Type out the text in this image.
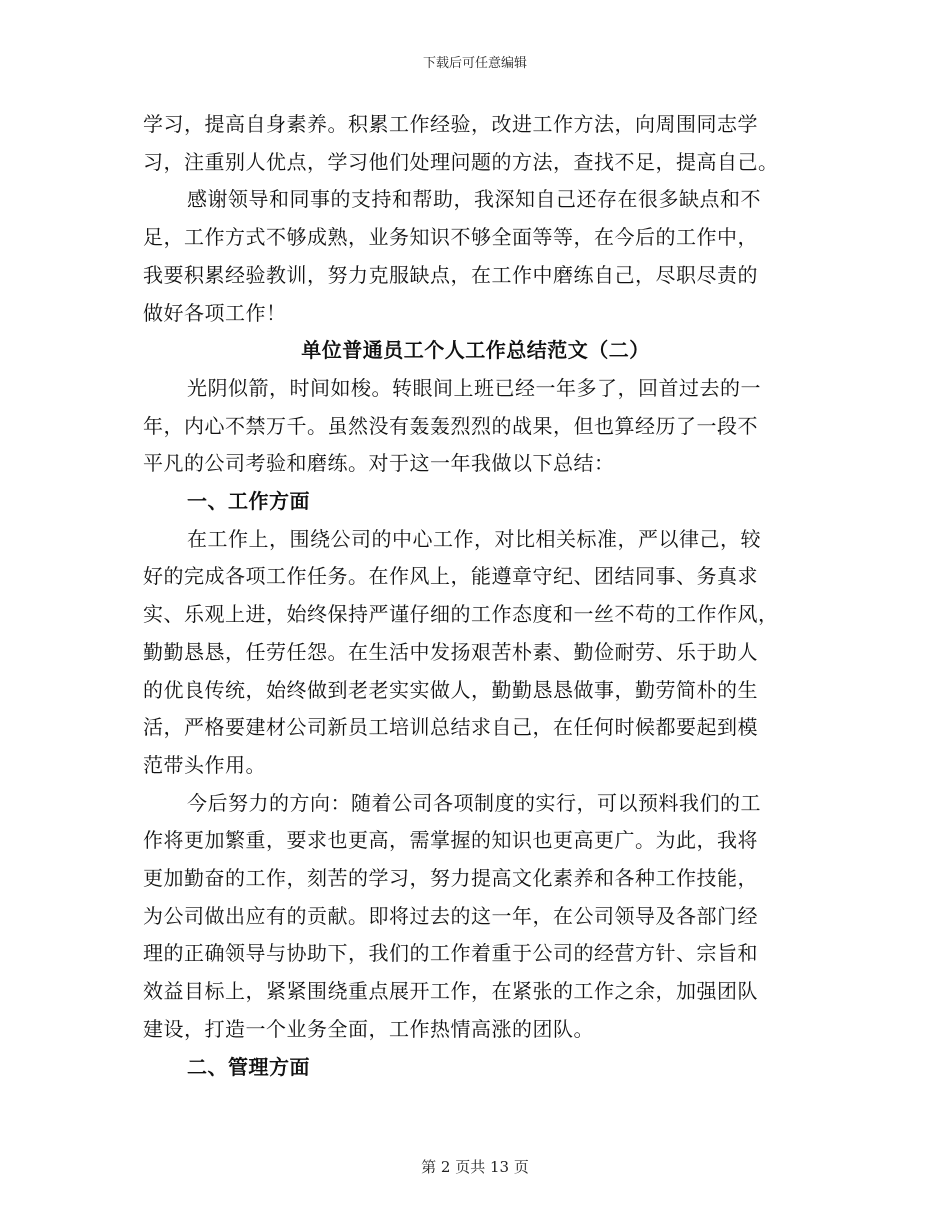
下载后可任意编辑

学习，提高自身素养。积累工作经验，改进工作方法，向周围同志学

习，注重别人优点，学习他们处理问题的方法，查找不足，提高自己。

感谢领导和同事的支持和帮助，我深知自己还存在很多缺点和不

足，工作方式不够成熟，业务知识不够全面等等，在今后的工作中，

我要积累经验教训，努力克服缺点，在工作中磨练自己，尽职尽责的

做好各项工作！

单位普通员工个人工作总结范文（二）

光阴似箭，时间如梭。转眼间上班已经一年多了，回首过去的一

年，内心不禁万千。虽然没有轰轰烈烈的战果，但也算经历了一段不

平凡的公司考验和磨练。对于这一年我做以下总结：

一、工作方面

在工作上，围绕公司的中心工作，对比相关标准，严以律己，较

好的完成各项工作任务。在作风上，能遵章守纪、团结同事、务真求

实、乐观上进，始终保持严谨仔细的工作态度和一丝不苟的工作作风，

勤勤恳恳，任劳任怨。在生活中发扬艰苦朴素、勤俭耐劳、乐于助人

的优良传统，始终做到老老实实做人，勤勤恳恳做事，勤劳简朴的生

活，严格要建材公司新员工培训总结求自己，在任何时候都要起到模

范带头作用。

今后努力的方向：随着公司各项制度的实行，可以预料我们的工

作将更加繁重，要求也更高，需掌握的知识也更高更广。为此，我将

更加勤奋的工作，刻苦的学习，努力提高文化素养和各种工作技能，

为公司做出应有的贡献。即将过去的这一年，在公司领导及各部门经

理的正确领导与协助下，我们的工作着重于公司的经营方针、宗旨和

效益目标上，紧紧围绕重点展开工作，在紧张的工作之余，加强团队

建设，打造一个业务全面，工作热情高涨的团队。

二、管理方面

第 2 页共 13 页
